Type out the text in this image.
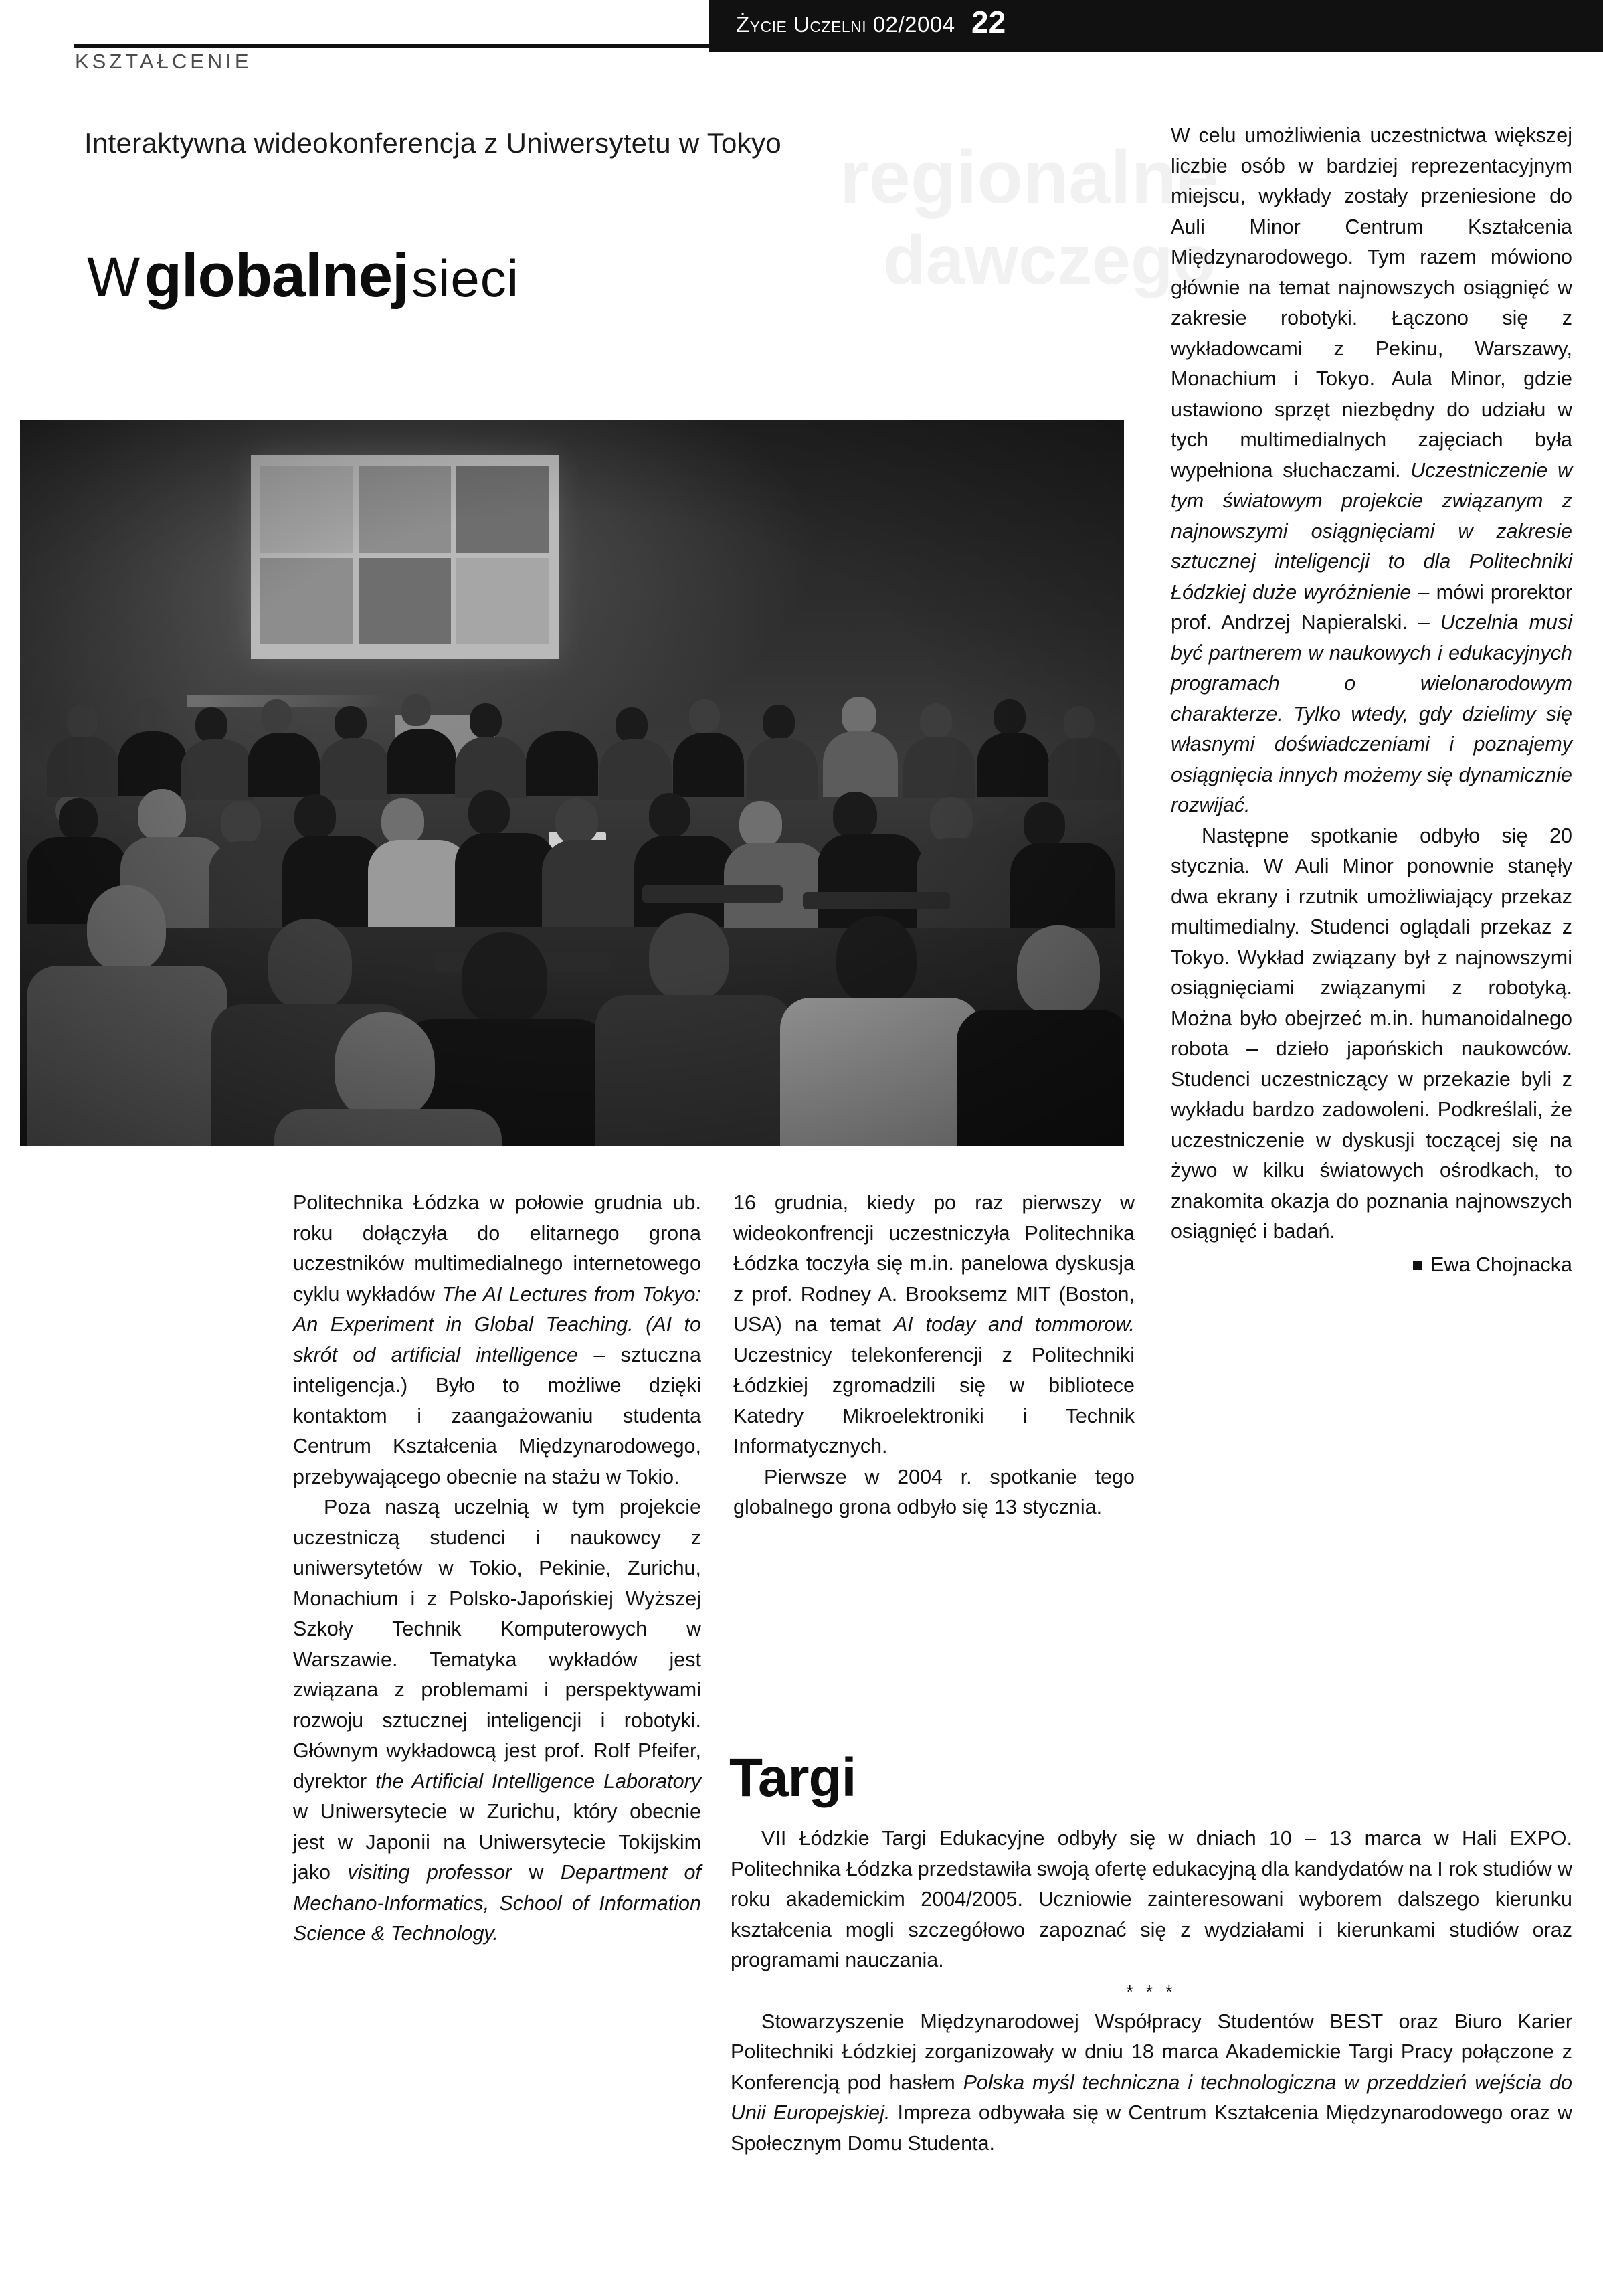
Życie Uczelni 02/2004 22
KSZTAŁCENIE
regionalne
dawczego
Interaktywna wideokonferencja z Uniwersytetu w Tokyo
W globalnej sieci

Politechnika Łódzka w połowie grudnia ub. roku dołączyła do elitarnego grona uczestników multimedialnego internetowego cyklu wykładów The AI Lectures from Tokyo: An Experiment in Global Teaching. (AI to skrót od artificial intelligence – sztuczna inteligencja.) Było to możliwe dzięki kontaktom i zaangażowaniu studenta Centrum Kształcenia Międzynarodowego, przebywającego obecnie na stażu w Tokio.

Poza naszą uczelnią w tym projekcie uczestniczą studenci i naukowcy z uniwersytetów w Tokio, Pekinie, Zurichu, Monachium i z Polsko-Japońskiej Wyższej Szkoły Technik Komputerowych w Warszawie. Tematyka wykładów jest związana z problemami i perspektywami rozwoju sztucznej inteligencji i robotyki. Głównym wykładowcą jest prof. Rolf Pfeifer, dyrektor the Artificial Intelligence Laboratory w Uniwersytecie w Zurichu, który obecnie jest w Japonii na Uniwersytecie Tokijskim jako visiting professor w Department of Mechano-Informatics, School of Information Science & Technology.

16 grudnia, kiedy po raz pierwszy w wideokonfrencji uczestniczyła Politechnika Łódzka toczyła się m.in. panelowa dyskusja z prof. Rodney A. Brooksemz MIT (Boston, USA) na temat AI today and tommorow. Uczestnicy telekonferencji z Politechniki Łódzkiej zgromadzili się w bibliotece Katedry Mikroelektroniki i Technik Informatycznych.

Pierwsze w 2004 r. spotkanie tego globalnego grona odbyło się 13 stycznia.

W celu umożliwienia uczestnictwa większej liczbie osób w bardziej reprezentacyjnym miejscu, wykłady zostały przeniesione do Auli Minor Centrum Kształcenia Międzynarodowego. Tym razem mówiono głównie na temat najnowszych osiągnięć w zakresie robotyki. Łączono się z wykładowcami z Pekinu, Warszawy, Monachium i Tokyo. Aula Minor, gdzie ustawiono sprzęt niezbędny do udziału w tych multimedialnych zajęciach była wypełniona słuchaczami. Uczestniczenie w tym światowym projekcie związanym z najnowszymi osiągnięciami w zakresie sztucznej inteligencji to dla Politechniki Łódzkiej duże wyróżnienie – mówi prorektor prof. Andrzej Napieralski. – Uczelnia musi być partnerem w naukowych i edukacyjnych programach o wielonarodowym charakterze. Tylko wtedy, gdy dzielimy się własnymi doświadczeniami i poznajemy osiągnięcia innych możemy się dynamicznie rozwijać.

Następne spotkanie odbyło się 20 stycznia. W Auli Minor ponownie stanęły dwa ekrany i rzutnik umożliwiający przekaz multimedialny. Studenci oglądali przekaz z Tokyo. Wykład związany był z najnowszymi osiągnięciami związanymi z robotyką. Można było obejrzeć m.in. humanoidalnego robota – dzieło japońskich naukowców. Studenci uczestniczący w przekazie byli z wykładu bardzo zadowoleni. Podkreślali, że uczestniczenie w dyskusji toczącej się na żywo w kilku światowych ośrodkach, to znakomita okazja do poznania najnowszych osiągnięć i badań.

Ewa Chojnacka
Targi

VII Łódzkie Targi Edukacyjne odbyły się w dniach 10 – 13 marca w Hali EXPO. Politechnika Łódzka przedstawiła swoją ofertę edukacyjną dla kandydatów na I rok studiów w roku akademickim 2004/2005. Uczniowie zainteresowani wyborem dalszego kierunku kształcenia mogli szczegółowo zapoznać się z wydziałami i kierunkami studiów oraz programami nauczania.

* * *

Stowarzyszenie Międzynarodowej Współpracy Studentów BEST oraz Biuro Karier Politechniki Łódzkiej zorganizowały w dniu 18 marca Akademickie Targi Pracy połączone z Konferencją pod hasłem Polska myśl techniczna i technologiczna w przeddzień wejścia do Unii Europejskiej. Impreza odbywała się w Centrum Kształcenia Międzynarodowego oraz w Społecznym Domu Studenta.
